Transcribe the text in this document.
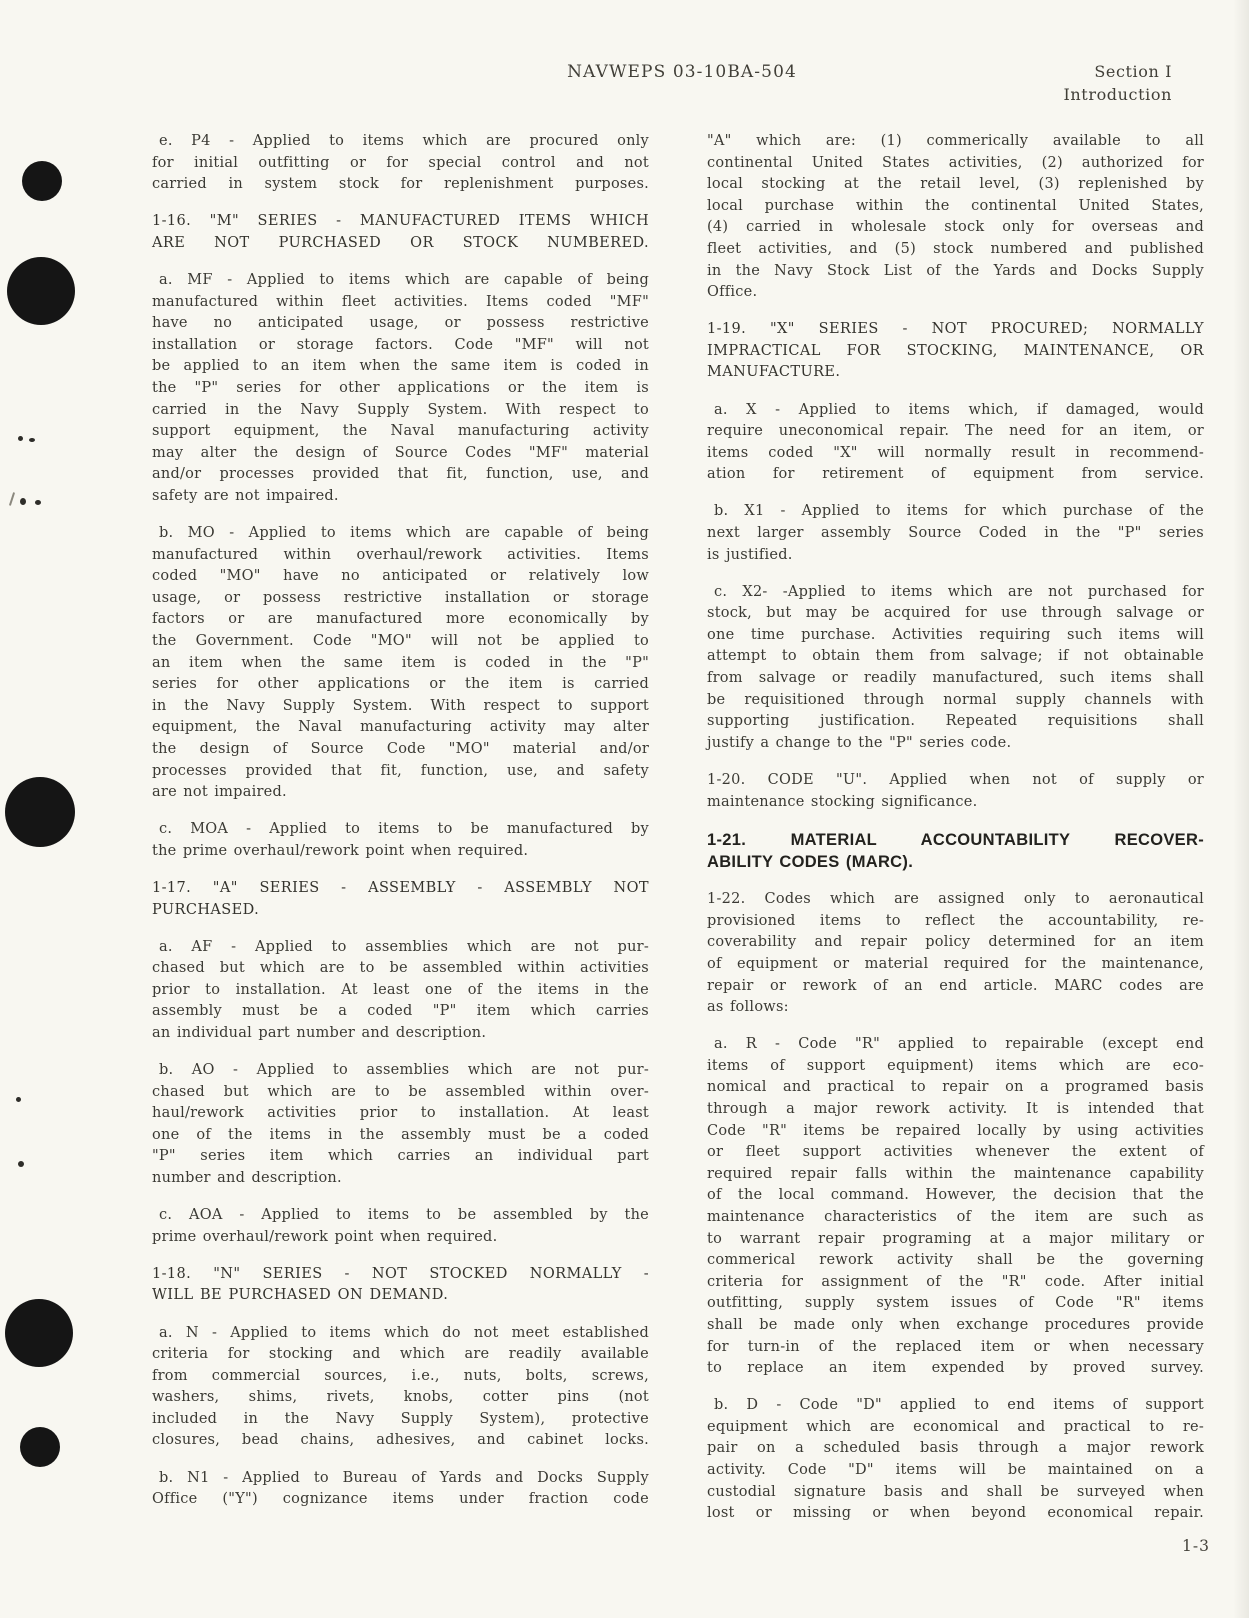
NAVWEPS 03-10BA-504	Section I
Introduction
e. P4 - Applied to items which are procured only
for initial outfitting or for special control and not
carried in system stock for replenishment purposes.
1-16. "M" SERIES - MANUFACTURED ITEMS WHICH
ARE NOT PURCHASED OR STOCK NUMBERED.
a. MF - Applied to items which are capable of being
manufactured within fleet activities. Items coded "MF"
have no anticipated usage, or possess restrictive
installation or storage factors. Code "MF" will not
be applied to an item when the same item is coded in
the "P" series for other applications or the item is
carried in the Navy Supply System. With respect to
support equipment, the Naval manufacturing activity
may alter the design of Source Codes "MF" material
and/or processes provided that fit, function, use, and
safety are not impaired.
b. MO - Applied to items which are capable of being
manufactured within overhaul/rework activities. Items
coded "MO" have no anticipated or relatively low
usage, or possess restrictive installation or storage
factors or are manufactured more economically by
the Government. Code "MO" will not be applied to
an item when the same item is coded in the "P"
series for other applications or the item is carried
in the Navy Supply System. With respect to support
equipment, the Naval manufacturing activity may alter
the design of Source Code "MO" material and/or
processes provided that fit, function, use, and safety
are not impaired.
c. MOA - Applied to items to be manufactured by
the prime overhaul/rework point when required.
1-17. "A" SERIES - ASSEMBLY - ASSEMBLY NOT
PURCHASED.
a. AF - Applied to assemblies which are not pur-
chased but which are to be assembled within activities
prior to installation. At least one of the items in the
assembly must be a coded "P" item which carries
an individual part number and description.
b. AO - Applied to assemblies which are not pur-
chased but which are to be assembled within over-
haul/rework activities prior to installation. At least
one of the items in the assembly must be a coded
"P" series item which carries an individual part
number and description.
c. AOA - Applied to items to be assembled by the
prime overhaul/rework point when required.
1-18. "N" SERIES - NOT STOCKED NORMALLY -
WILL BE PURCHASED ON DEMAND.
a. N - Applied to items which do not meet established
criteria for stocking and which are readily available
from commercial sources, i.e., nuts, bolts, screws,
washers, shims, rivets, knobs, cotter pins (not
included in the Navy Supply System), protective
closures, bead chains, adhesives, and cabinet locks.
b. N1 - Applied to Bureau of Yards and Docks Supply
Office ("Y") cognizance items under fraction code
"A" which are: (1) commerically available to all
continental United States activities, (2) authorized for
local stocking at the retail level, (3) replenished by
local purchase within the continental United States,
(4) carried in wholesale stock only for overseas and
fleet activities, and (5) stock numbered and published
in the Navy Stock List of the Yards and Docks Supply
Office.
1-19. "X" SERIES - NOT PROCURED; NORMALLY
IMPRACTICAL FOR STOCKING, MAINTENANCE, OR
MANUFACTURE.
a. X - Applied to items which, if damaged, would
require uneconomical repair. The need for an item, or
items coded "X" will normally result in recommend-
ation for retirement of equipment from service.
b. X1 - Applied to items for which purchase of the
next larger assembly Source Coded in the "P" series
is justified.
c. X2- -Applied to items which are not purchased for
stock, but may be acquired for use through salvage or
one time purchase. Activities requiring such items will
attempt to obtain them from salvage; if not obtainable
from salvage or readily manufactured, such items shall
be requisitioned through normal supply channels with
supporting justification. Repeated requisitions shall
justify a change to the "P" series code.
1-20. CODE "U". Applied when not of supply or
maintenance stocking significance.
1-21. MATERIAL ACCOUNTABILITY RECOVER-
ABILITY CODES (MARC).
1-22. Codes which are assigned only to aeronautical
provisioned items to reflect the accountability, re-
coverability and repair policy determined for an item
of equipment or material required for the maintenance,
repair or rework of an end article. MARC codes are
as follows:
a. R - Code "R" applied to repairable (except end
items of support equipment) items which are eco-
nomical and practical to repair on a programed basis
through a major rework activity. It is intended that
Code "R" items be repaired locally by using activities
or fleet support activities whenever the extent of
required repair falls within the maintenance capability
of the local command. However, the decision that the
maintenance characteristics of the item are such as
to warrant repair programing at a major military or
commerical rework activity shall be the governing
criteria for assignment of the "R" code. After initial
outfitting, supply system issues of Code "R" items
shall be made only when exchange procedures provide
for turn-in of the replaced item or when necessary
to replace an item expended by proved survey.
b. D - Code "D" applied to end items of support
equipment which are economical and practical to re-
pair on a scheduled basis through a major rework
activity. Code "D" items will be maintained on a
custodial signature basis and shall be surveyed when
lost or missing or when beyond economical repair.
1-3
